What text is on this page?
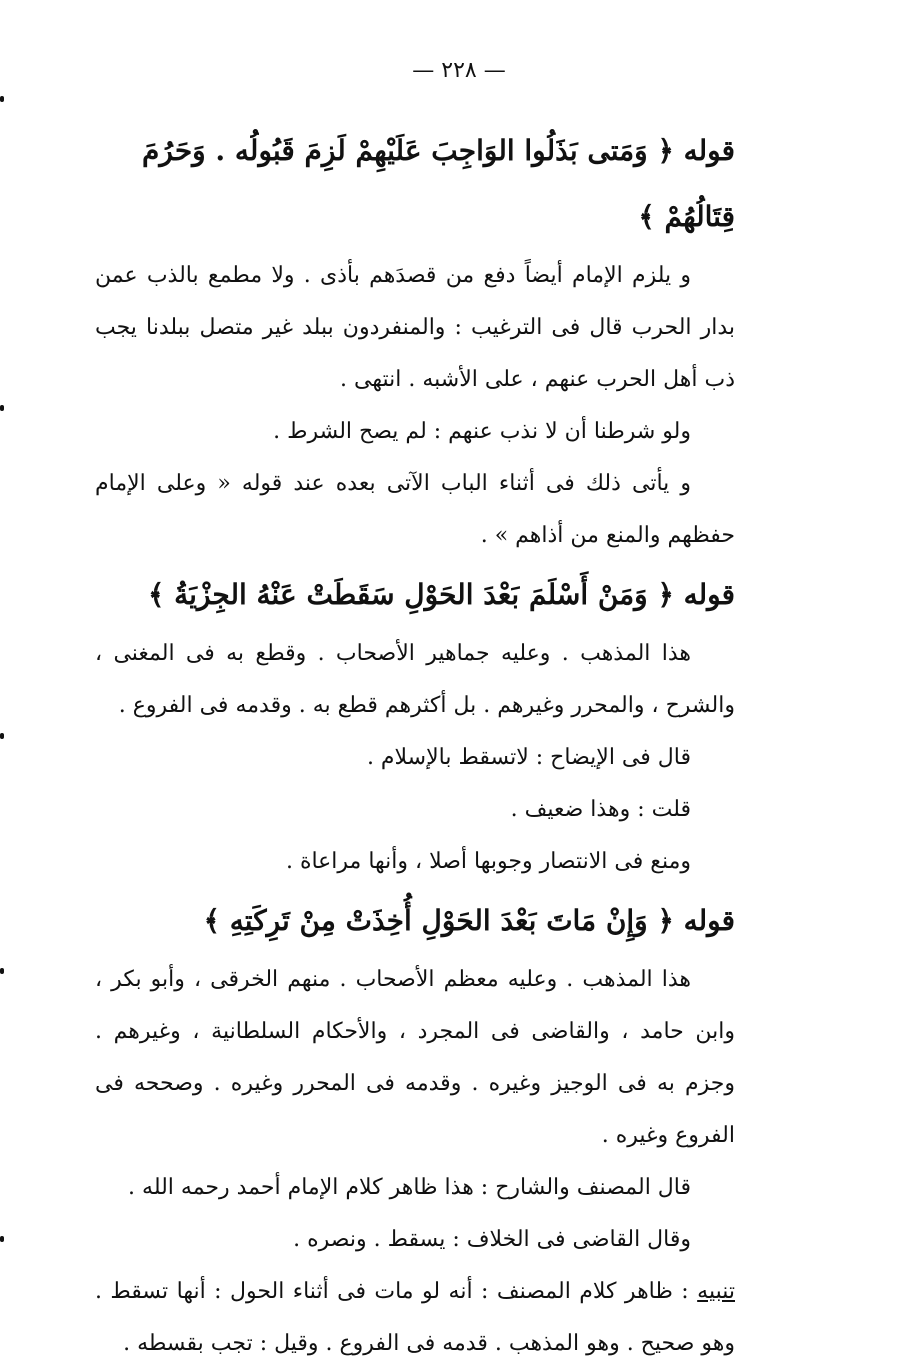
— ٢٢٨ —

قوله ﴿ وَمَتى بَذَلُوا الوَاجِبَ عَلَيْهِمْ لَزِمَ قَبُولُه . وَحَرُمَ قِتَالُهُمْ ﴾

و يلزم الإمام أيضاً دفع من قصدَهم بأذى . ولا مطمع بالذب عمن بدار الحرب قال فى الترغيب : والمنفردون ببلد غير متصل ببلدنا يجب ذب أهل الحرب عنهم ، على الأشبه . انتهى .

ولو شرطنا أن لا نذب عنهم : لم يصح الشرط .

و يأتى ذلك فى أثناء الباب الآتى بعده عند قوله « وعلى الإمام حفظهم والمنع من أذاهم » .

قوله ﴿ وَمَنْ أَسْلَمَ بَعْدَ الحَوْلِ سَقَطَتْ عَنْهُ الجِزْيَةُ ﴾

هذا المذهب . وعليه جماهير الأصحاب . وقطع به فى المغنى ، والشرح ، والمحرر وغيرهم . بل أكثرهم قطع به . وقدمه فى الفروع .

قال فى الإيضاح : لاتسقط بالإسلام .

قلت : وهذا ضعيف .

ومنع فى الانتصار وجوبها أصلا ، وأنها مراعاة .

قوله ﴿ وَإِنْ مَاتَ بَعْدَ الحَوْلِ أُخِذَتْ مِنْ تَرِكَتِهِ ﴾

هذا المذهب . وعليه معظم الأصحاب . منهم الخرقى ، وأبو بكر ، وابن حامد ، والقاضى فى المجرد ، والأحكام السلطانية ، وغيرهم . وجزم به فى الوجيز وغيره . وقدمه فى المحرر وغيره . وصححه فى الفروع وغيره .

قال المصنف والشارح : هذا ظاهر كلام الإمام أحمد رحمه الله .

وقال القاضى فى الخلاف : يسقط . ونصره .

تنبيه : ظاهر كلام المصنف : أنه لو مات فى أثناء الحول : أنها تسقط . وهو صحيح . وهو المذهب . قدمه فى الفروع . وقيل : تجب بقسطه .
